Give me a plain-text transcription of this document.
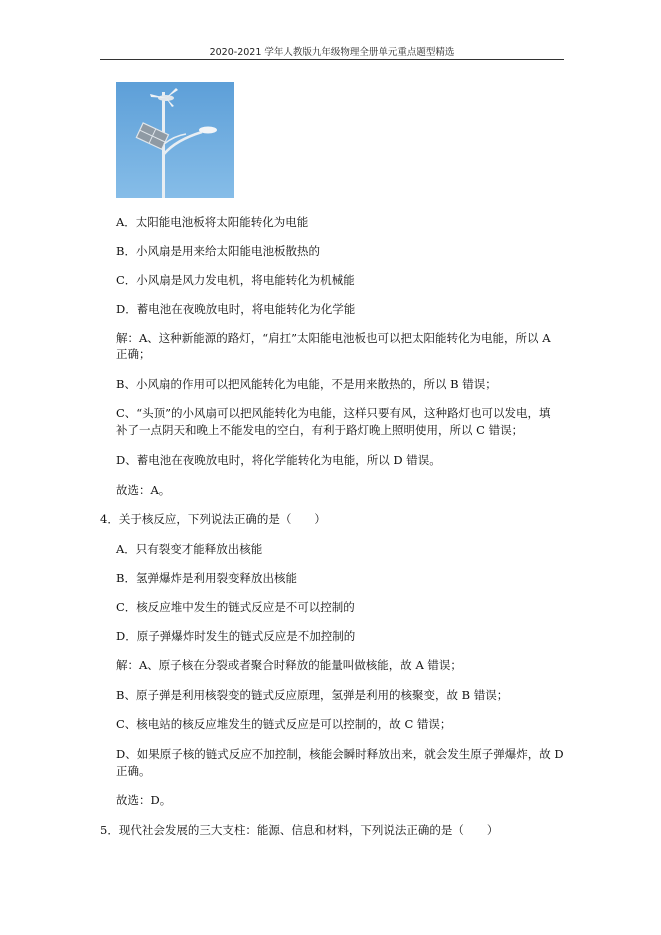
2020-2021 学年人教版九年级物理全册单元重点题型精选
A．太阳能电池板将太阳能转化为电能
B．小风扇是用来给太阳能电池板散热的
C．小风扇是风力发电机，将电能转化为机械能
D．蓄电池在夜晚放电时，将电能转化为化学能
解：A、这种新能源的路灯，“肩扛”太阳能电池板也可以把太阳能转化为电能，所以 A
正确；
B、小风扇的作用可以把风能转化为电能，不是用来散热的，所以 B 错误；
C、“头顶”的小风扇可以把风能转化为电能，这样只要有风，这种路灯也可以发电，填
补了一点阴天和晚上不能发电的空白，有利于路灯晚上照明使用，所以 C 错误；
D、蓄电池在夜晚放电时，将化学能转化为电能，所以 D 错误。
故选：A。
4．关于核反应，下列说法正确的是（　　）
A．只有裂变才能释放出核能
B．氢弹爆炸是利用裂变释放出核能
C．核反应堆中发生的链式反应是不可以控制的
D．原子弹爆炸时发生的链式反应是不加控制的
解：A、原子核在分裂或者聚合时释放的能量叫做核能，故 A 错误；
B、原子弹是利用核裂变的链式反应原理，氢弹是利用的核聚变，故 B 错误；
C、核电站的核反应堆发生的链式反应是可以控制的，故 C 错误；
D、如果原子核的链式反应不加控制，核能会瞬时释放出来，就会发生原子弹爆炸，故 D
正确。
故选：D。
5．现代社会发展的三大支柱：能源、信息和材料，下列说法正确的是（　　）
